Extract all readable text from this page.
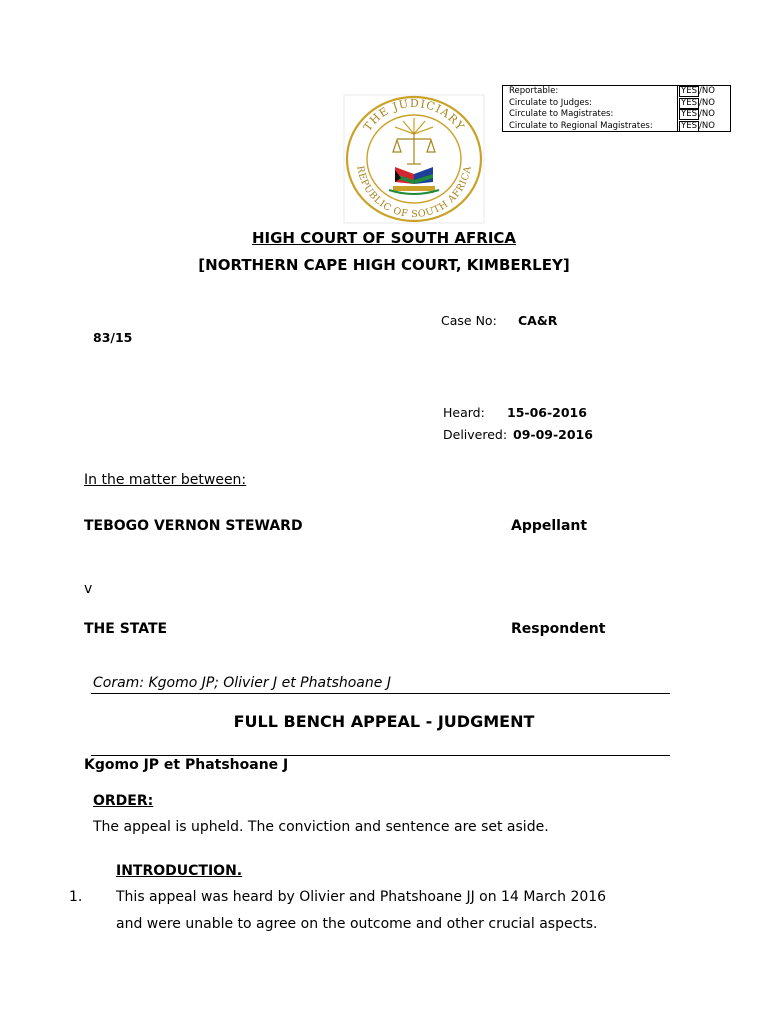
Reportable:	YES /NO
Circulate to Judges:	YES /NO
Circulate to Magistrates:	YES /NO
Circulate to Regional Magistrates:	YES /NO
THE JUDICIARY
REPUBLIC OF SOUTH AFRICA
HIGH COURT OF SOUTH AFRICA
[NORTHERN CAPE HIGH COURT, KIMBERLEY]
Case No: CA&R
83/15
Heard: 15-06-2016
Delivered: 09-09-2016
In the matter between:
TEBOGO VERNON STEWARD	Appellant
v
THE STATE	Respondent
Coram: Kgomo JP; Olivier J et Phatshoane J
FULL BENCH APPEAL - JUDGMENT
Kgomo JP et Phatshoane J
ORDER:
The appeal is upheld. The conviction and sentence are set aside.
INTRODUCTION.
1. This appeal was heard by Olivier and Phatshoane JJ on 14 March 2016
and were unable to agree on the outcome and other crucial aspects.
